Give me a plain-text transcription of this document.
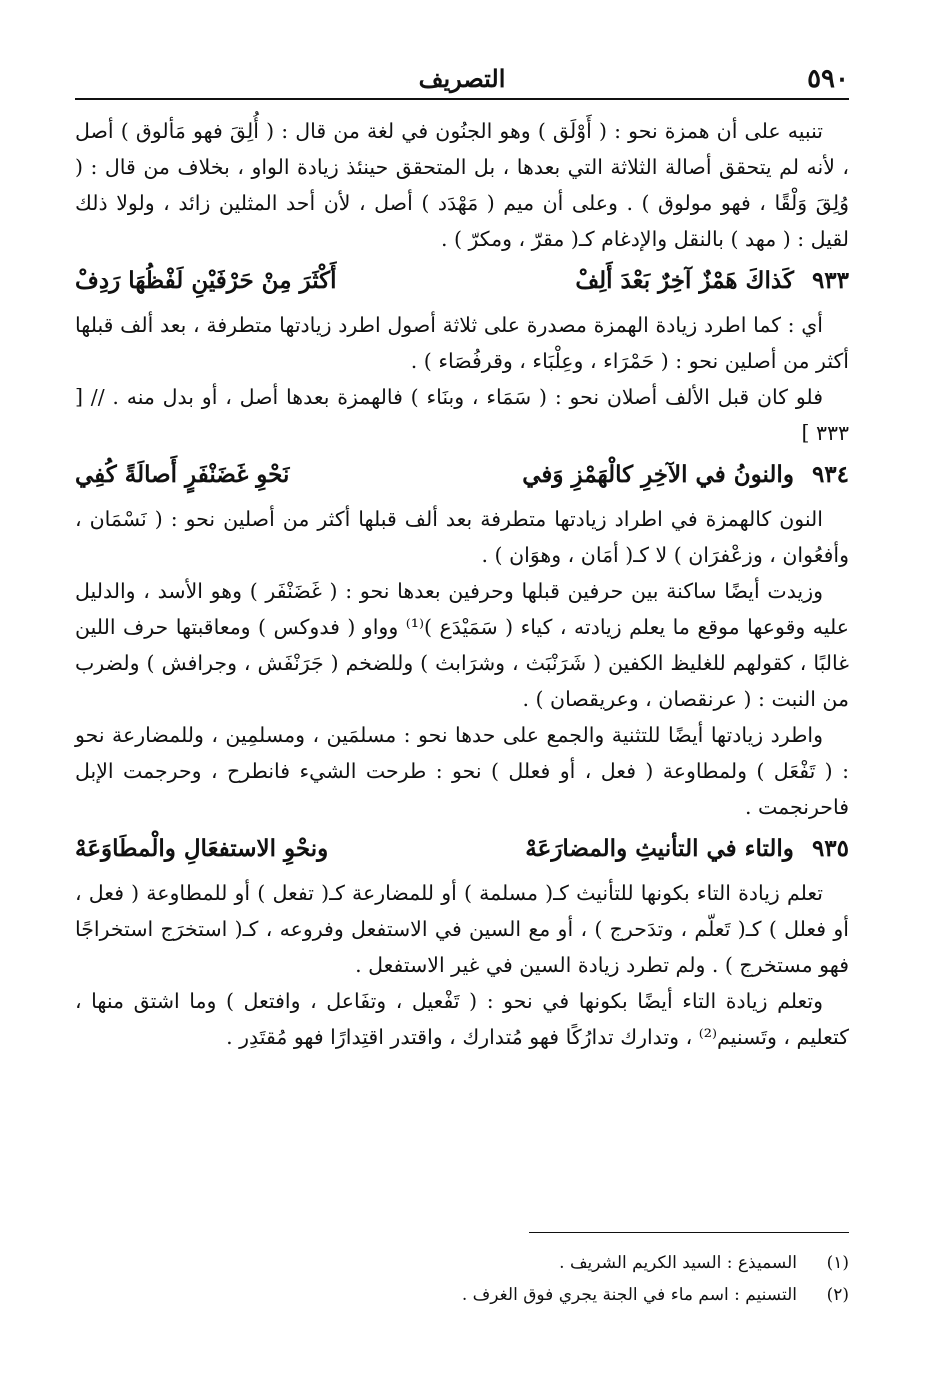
٥٩٠
التصريف

تنبيه على أن همزة نحو : ( أَوْلَق ) وهو الجنُون في لغة من قال : ( أُلِقَ فهو مَألوق ) أصل ، لأنه لم يتحقق أصالة الثلاثة التي بعدها ، بل المتحقق حينئذ زيادة الواو ، بخلاف من قال : ( وُلِقَ وَلْقًا ، فهو مولوق ) . وعلى أن ميم ( مَهْدَد ) أصل ، لأن أحد المثلين زائد ، ولولا ذلك لقيل : ( مهد ) بالنقل والإدغام كـ( مقرّ ، ومكرّ ) .

٩٣٣ كَذاكَ هَمْزٌ آخِرٌ بَعْدَ أَلِفْ
أَكْثَرَ مِنْ حَرْفَيْنِ لَفْظُهَا رَدِفْ

أي : كما اطرد زيادة الهمزة مصدرة على ثلاثة أصول اطرد زيادتها متطرفة ، بعد ألف قبلها أكثر من أصلين نحو : ( حَمْرَاء ، وعِلْبَاء ، وقرفُصَاء ) .

فلو كان قبل الألف أصلان نحو : ( سَمَاء ، وبنَاء ) فالهمزة بعدها أصل ، أو بدل منه . // [ ٣٣٣ ]

٩٣٤ والنونُ في الآخِرِ كالْهَمْزِ وَفي
نَحْوِ غَضَنْفَرٍ أَصالَةً كُفِي

النون كالهمزة في اطراد زيادتها متطرفة بعد ألف قبلها أكثر من أصلين نحو : ( نَسْمَان ، وأفعُوان ، وزعْفرَان ) لا كـ( أمَان ، وهوَان ) .

وزيدت أيضًا ساكنة بين حرفين قبلها وحرفين بعدها نحو : ( غَضَنْفَر ) وهو الأسد ، والدليل عليه وقوعها موقع ما يعلم زيادته ، كياء ( سَمَيْدَع )⁽¹⁾ وواو ( فدوكس ) ومعاقبتها حرف اللين غالبًا ، كقولهم للغليظ الكفين ( شَرَنْبَث ، وشرَابث ) وللضخم ( جَرَنْفَش ، وجرافش ) ولضرب من النبت : ( عرنقصان ، وعريقصان ) .

واطرد زيادتها أيضًا للتثنية والجمع على حدها نحو : مسلمَين ، ومسلمِين ، وللمضارعة نحو : ( تَفْعَل ) ولمطاوعة ( فعل ، أو فعلل ) نحو : طرحت الشيء فانطرح ، وحرجمت الإبل فاحرنجمت .

٩٣٥ والتاء في التأنيثِ والمضارَعَهْ
ونحْوِ الاستفعَالِ والْمطَاوَعَهْ

تعلم زيادة التاء بكونها للتأنيث كـ( مسلمة ) أو للمضارعة كـ( تفعل ) أو للمطاوعة ( فعل ، أو فعلل ) كـ( تَعلّم ، وتدَحرج ) ، أو مع السين في الاستفعل وفروعه ، كـ( استخرَج استخراجًا فهو مستخرج ) . ولم تطرد زيادة السين في غير الاستفعل .

وتعلم زيادة التاء أيضًا بكونها في نحو : ( تَفْعيل ، وتفَاعل ، وافتعل ) وما اشتق منها ، كتعليم ، وتَسنيم⁽²⁾ ، وتدارك تدارُكًا فهو مُتدارك ، واقتدر اقتِدارًا فهو مُقتَدِر .

(١)
السميذع : السيد الكريم الشريف .
(٢)
التسنيم : اسم ماء في الجنة يجري فوق الغرف .
